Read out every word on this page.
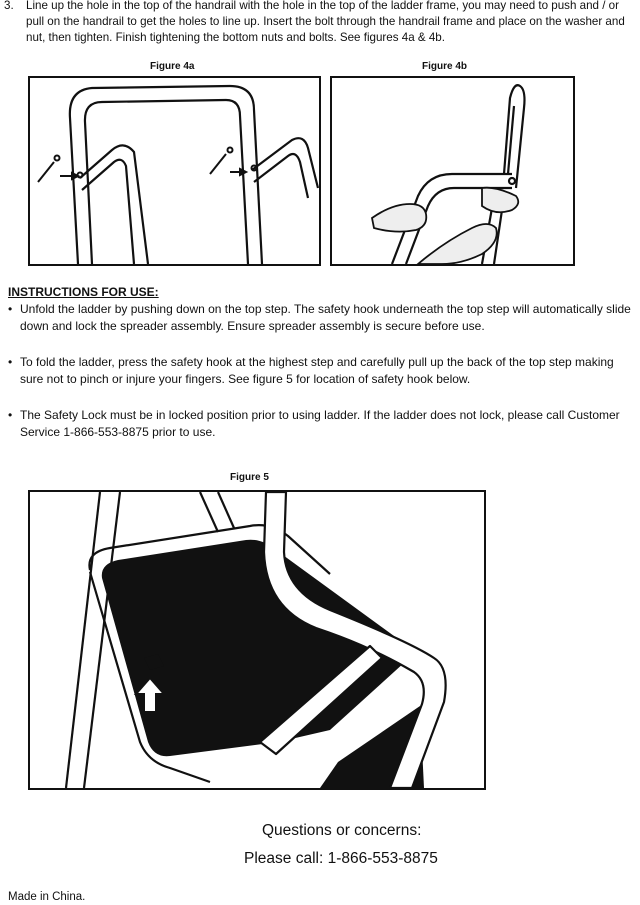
3. Line up the hole in the top of the handrail with the hole in the top of the ladder frame, you may need to push and / or pull on the handrail to get the holes to line up. Insert the bolt through the handrail frame and place on the washer and nut, then tighten. Finish tightening the bottom nuts and bolts. See figures 4a & 4b.
Figure 4a	Figure 4b
INSTRUCTIONS FOR USE:

• Unfold the ladder by pushing down on the top step. The safety hook underneath the top step will automatically slide down and lock the spreader assembly. Ensure spreader assembly is secure before use.

• To fold the ladder, press the safety hook at the highest step and carefully pull up the back of the top step making sure not to pinch or injure your fingers. See figure 5 for location of safety hook below.

• The Safety Lock must be in locked position prior to using ladder. If the ladder does not lock, please call Customer Service 1-866-553-8875 prior to use.

Figure 5
Questions or concerns:
Please call: 1-866-553-8875
Made in China.
